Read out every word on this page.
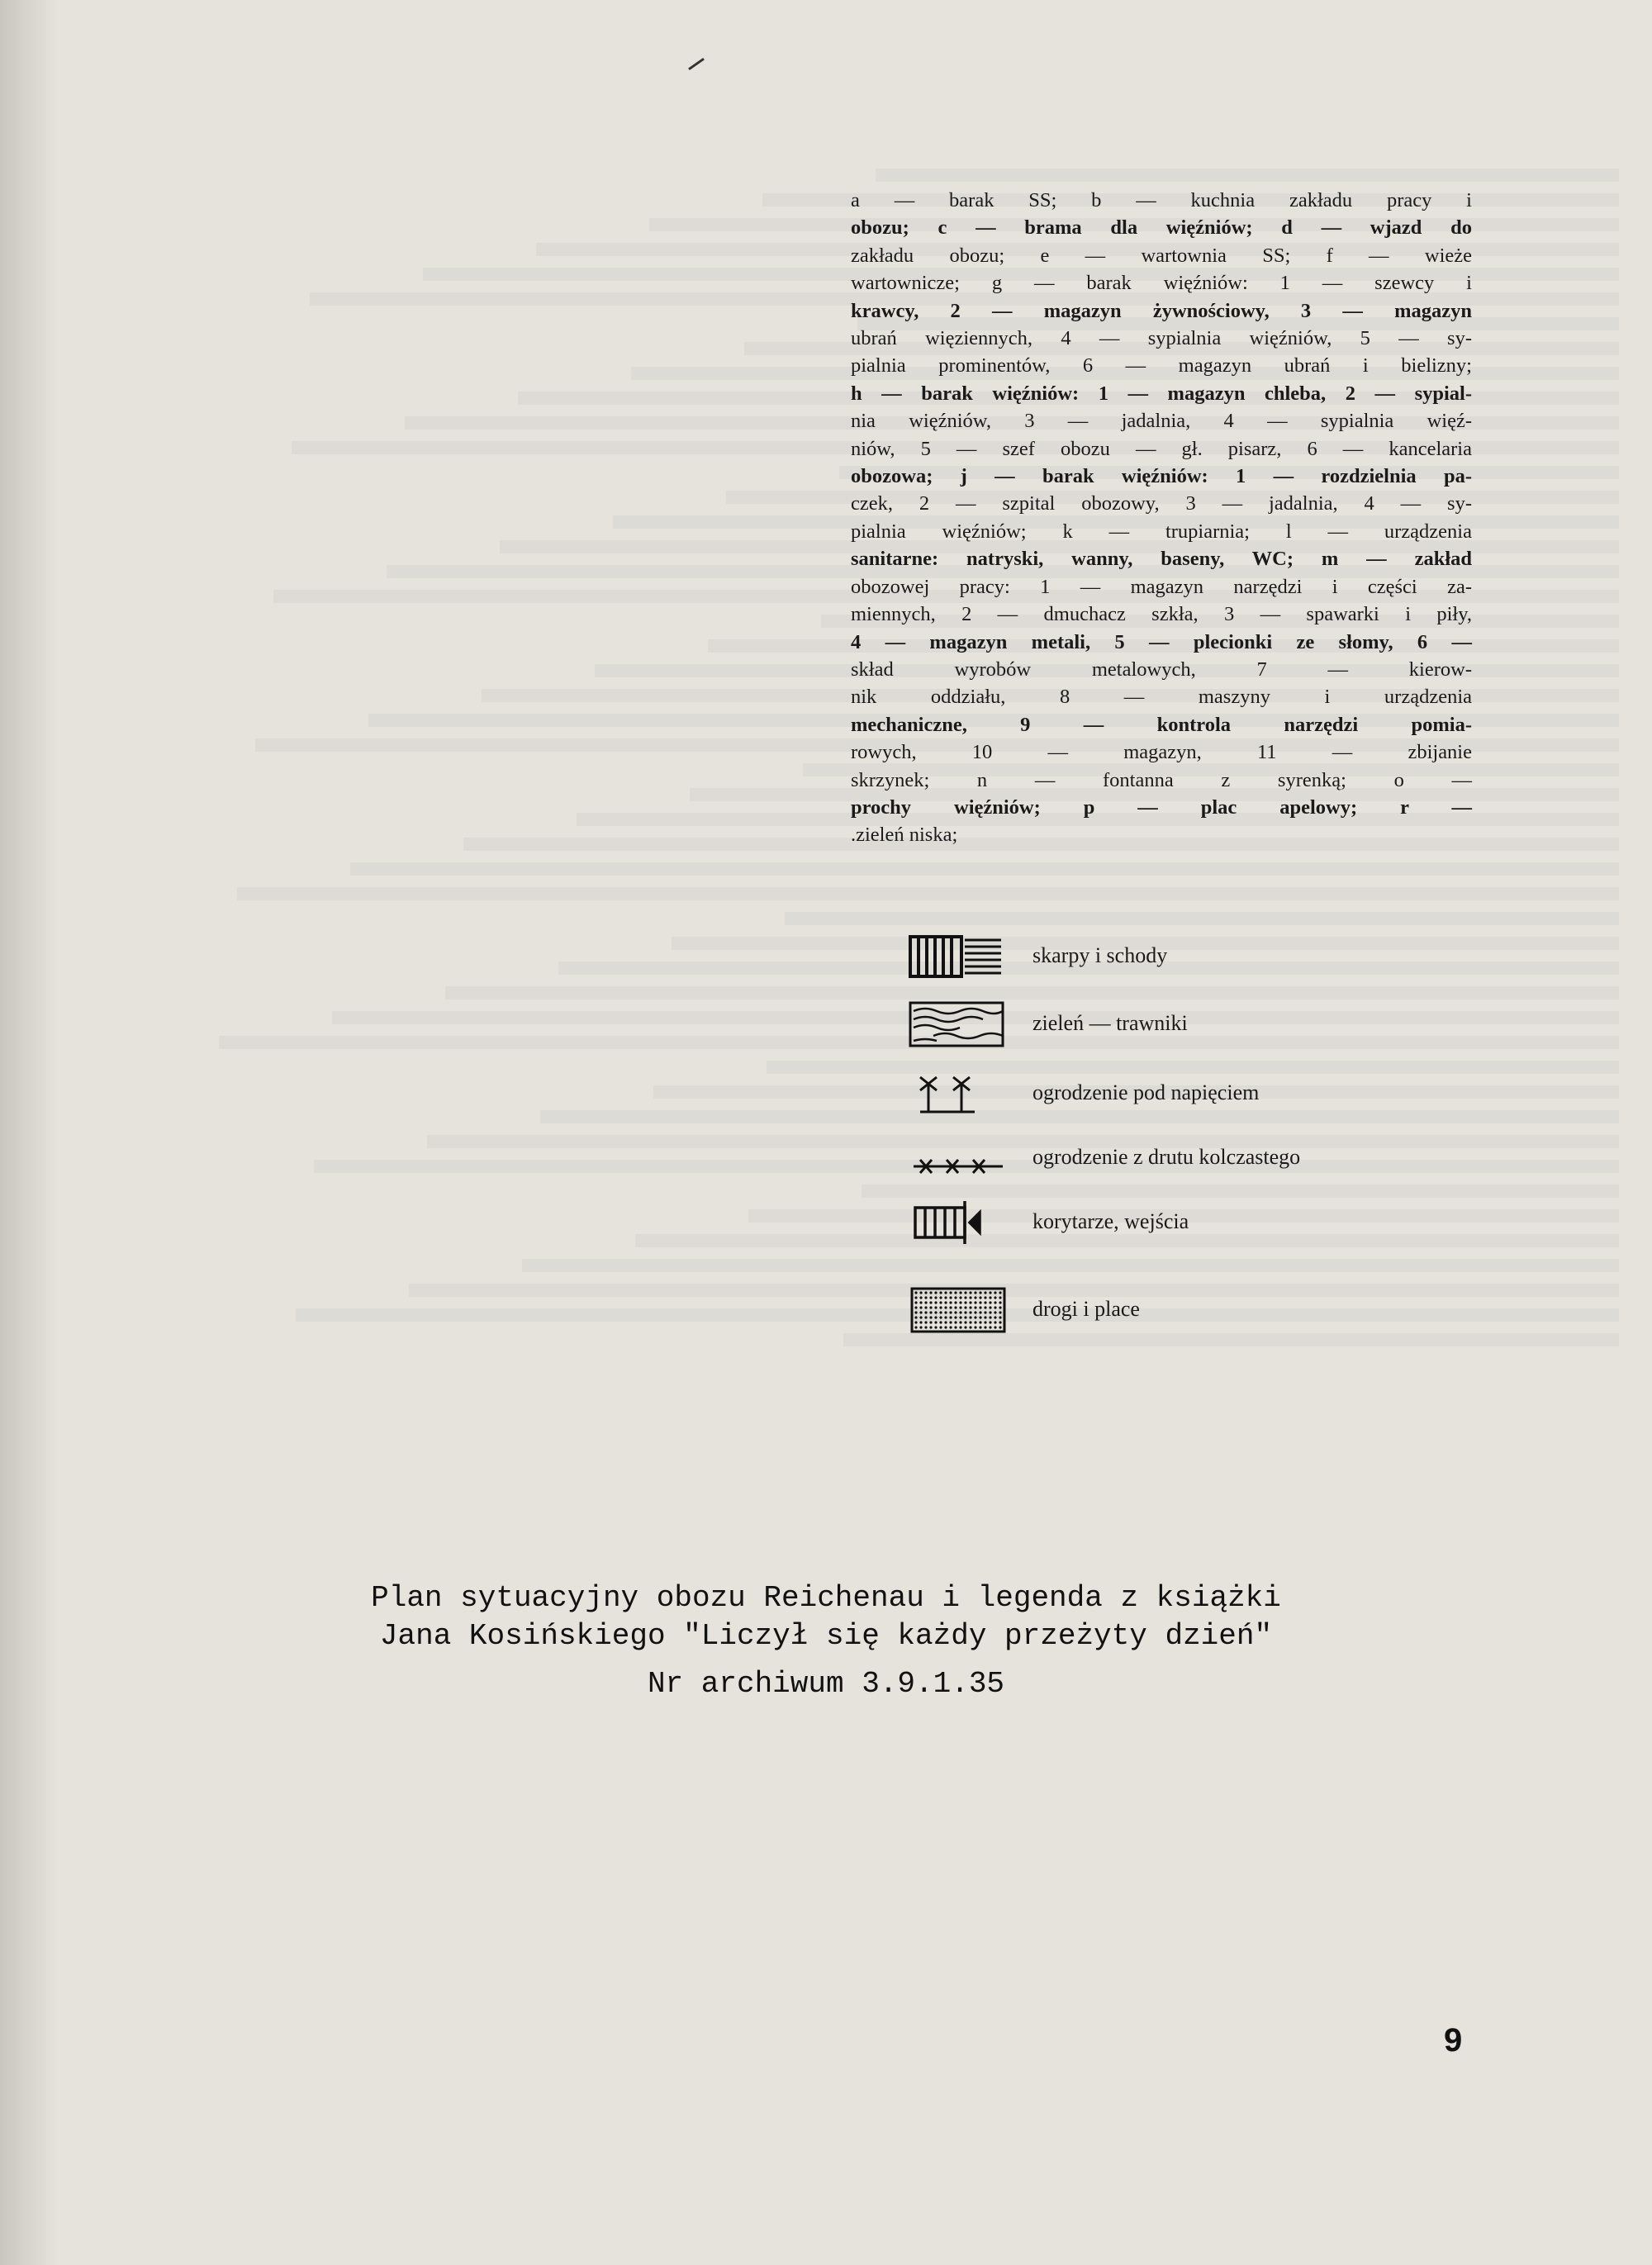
a — barak SS; b — kuchnia zakładu pracy i
obozu; c — brama dla więźniów; d — wjazd do
zakładu obozu; e — wartownia SS; f — wieże
wartownicze; g — barak więźniów: 1 — szewcy i
krawcy, 2 — magazyn żywnościowy, 3 — magazyn
ubrań więziennych, 4 — sypialnia więźniów, 5 — sy-
pialnia prominentów, 6 — magazyn ubrań i bielizny;
h — barak więźniów: 1 — magazyn chleba, 2 — sypial-
nia więźniów, 3 — jadalnia, 4 — sypialnia więź-
niów, 5 — szef obozu — gł. pisarz, 6 — kancelaria
obozowa; j — barak więźniów: 1 — rozdzielnia pa-
czek, 2 — szpital obozowy, 3 — jadalnia, 4 — sy-
pialnia więźniów; k — trupiarnia; l — urządzenia
sanitarne: natryski, wanny, baseny, WC; m — zakład
obozowej pracy: 1 — magazyn narzędzi i części za-
miennych, 2 — dmuchacz szkła, 3 — spawarki i piły,
4 — magazyn metali, 5 — plecionki ze słomy, 6 —
skład wyrobów metalowych, 7 — kierow-
nik oddziału, 8 — maszyny i urządzenia
mechaniczne, 9 — kontrola narzędzi pomia-
rowych, 10 — magazyn, 11 — zbijanie
skrzynek; n — fontanna z syrenką; o —
prochy więźniów; p — plac apelowy; r —
.zieleń niska;
skarpy i schody
zieleń — trawniki
ogrodzenie pod napięciem
ogrodzenie z drutu kolczastego
korytarze, wejścia
drogi i place
Plan sytuacyjny obozu Reichenau i legenda z książki
Jana Kosińskiego "Liczył się każdy przeżyty dzień"
Nr archiwum 3.9.1.35
9
